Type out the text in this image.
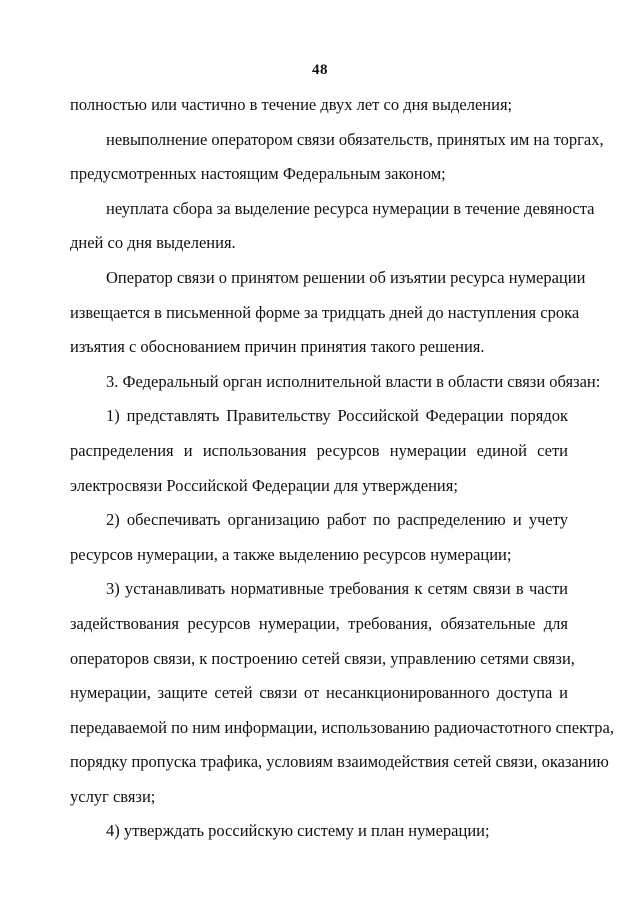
48
полностью или частично в течение двух лет со дня выделения;
невыполнение оператором связи обязательств, принятых им на торгах,
предусмотренных настоящим Федеральным законом;
неуплата сбора за выделение ресурса нумерации в течение девяноста
дней со дня выделения.
Оператор связи о принятом решении об изъятии ресурса нумерации
извещается в письменной форме за тридцать дней до наступления срока
изъятия с обоснованием причин принятия такого решения.
3. Федеральный орган исполнительной власти в области связи обязан:
1) представлять Правительству Российской Федерации порядок
распределения и использования ресурсов нумерации единой сети
электросвязи Российской Федерации для утверждения;
2) обеспечивать организацию работ по распределению и учету
ресурсов нумерации, а также выделению ресурсов нумерации;
3) устанавливать нормативные требования к сетям связи в части
задействования ресурсов нумерации, требования, обязательные для
операторов связи, к построению сетей связи, управлению сетями связи,
нумерации, защите сетей связи от несанкционированного доступа и
передаваемой по ним информации, использованию радиочастотного спектра,
порядку пропуска трафика, условиям взаимодействия сетей связи, оказанию
услуг связи;
4) утверждать российскую систему и план нумерации;
